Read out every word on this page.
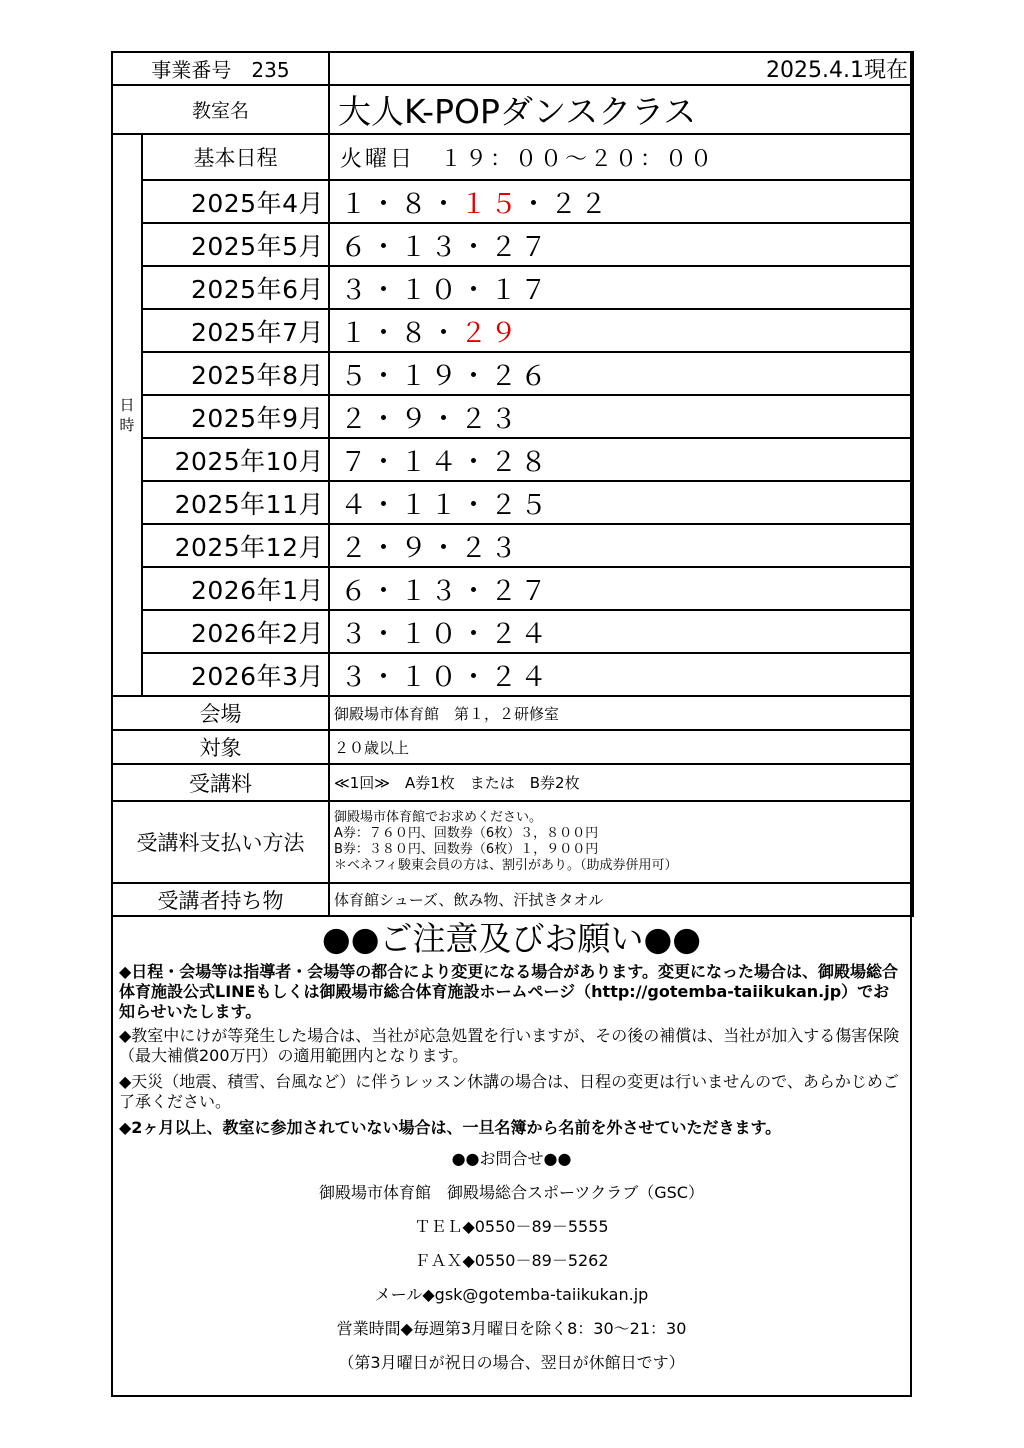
事業番号　235		2025.4.1現在
教室名		大人K-POPダンスクラス
日
時	基本日程	火曜日　１９：００～２０：００
	2025年4月	１・８・１５・２２
	2025年5月	６・１３・２７
	2025年6月	３・１０・１７
	2025年7月	１・８・２９
	2025年8月	５・１９・２６
	2025年9月	２・９・２３
	2025年10月	７・１４・２８
	2025年11月	４・１１・２５
	2025年12月	２・９・２３
	2026年1月	６・１３・２７
	2026年2月	３・１０・２４
	2026年3月	３・１０・２４
会場		御殿場市体育館　第１，２研修室
対象		２０歳以上
受講料		≪1回≫　A券1枚　または　B券2枚
受講料支払い方法		御殿場市体育館でお求めください。
A券：７６０円、回数券（6枚）３，８００円
B券：３８０円、回数券（6枚）１，９００円
＊ベネフィ駿東会員の方は、割引があり。（助成券併用可）

受講者持ち物		体育館シューズ、飲み物、汗拭きタオル
●●ご注意及びお願い●●

◆日程・会場等は指導者・会場等の都合により変更になる場合があります。変更になった場合は、御殿場総合体育施設公式LINEもしくは御殿場市総合体育施設ホームページ（http://gotemba-taiikukan.jp）でお知らせいたします。

◆教室中にけが等発生した場合は、当社が応急処置を行いますが、その後の補償は、当社が加入する傷害保険（最大補償200万円）の適用範囲内となります。

◆天災（地震、積雪、台風など）に伴うレッスン休講の場合は、日程の変更は行いませんので、あらかじめご了承ください。

◆2ヶ月以上、教室に参加されていない場合は、一旦名簿から名前を外させていただきます。

●●お問合せ●●
御殿場市体育館　御殿場総合スポーツクラブ（GSC）
ＴＥＬ◆0550－89－5555
ＦＡＸ◆0550－89－5262
メール◆gsk@gotemba-taiikukan.jp
営業時間◆毎週第3月曜日を除く8：30～21：30
（第3月曜日が祝日の場合、翌日が休館日です）
